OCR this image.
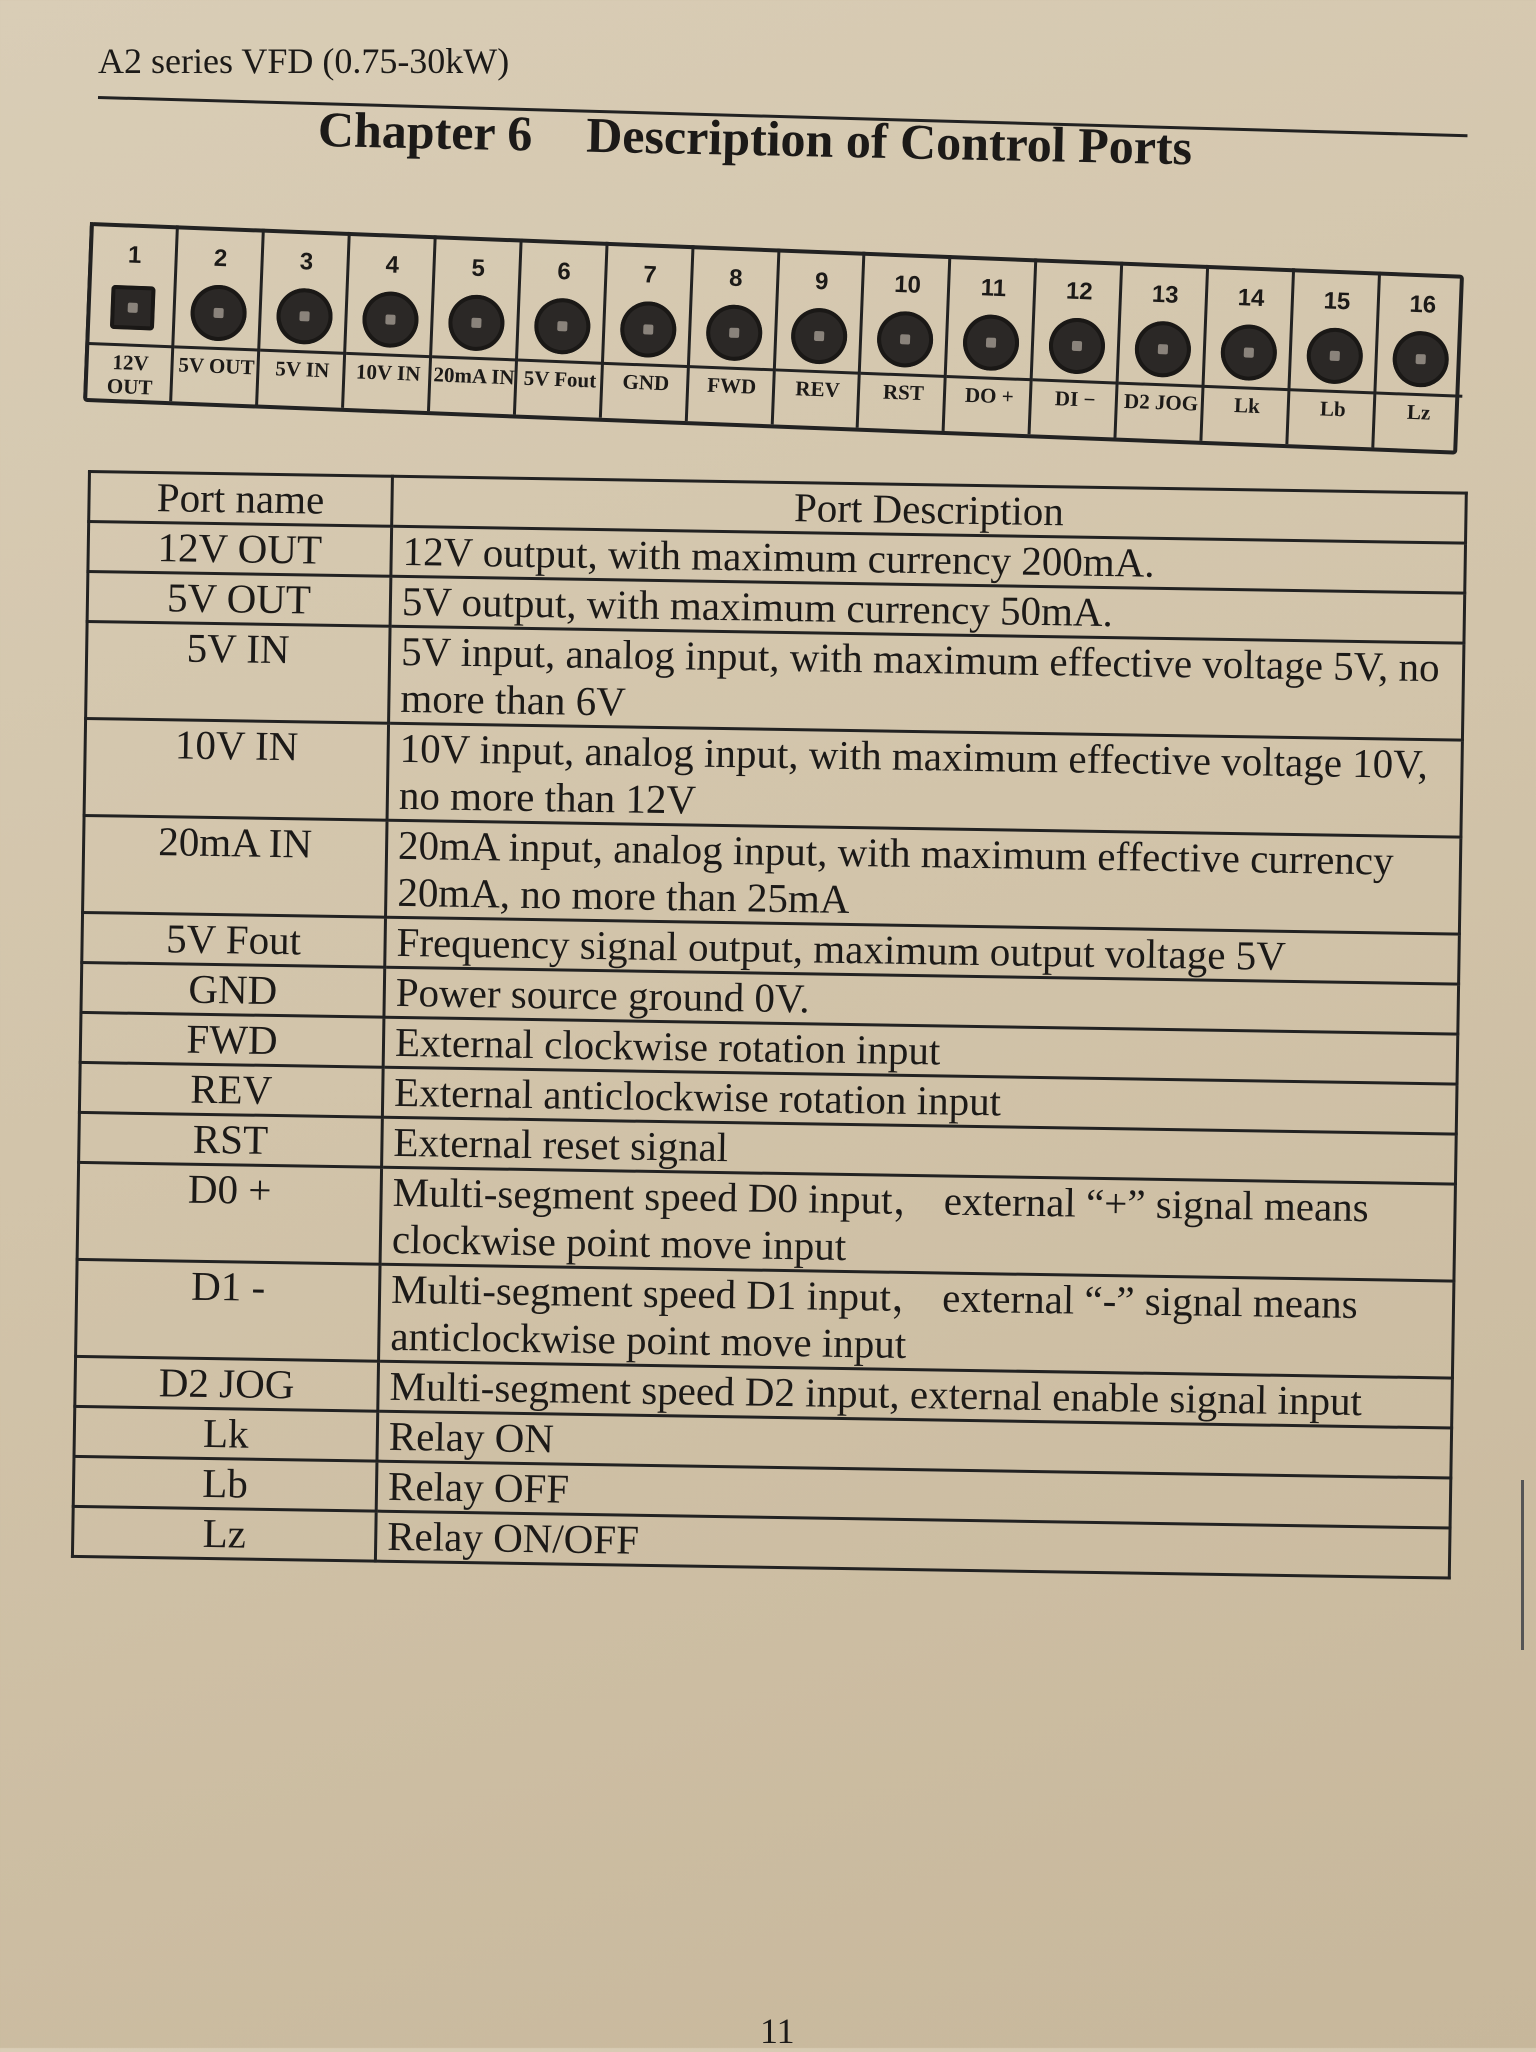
A2 series VFD (0.75-30kW)
Chapter 6 Description of Control Ports
1
12V OUT
2
5V OUT
3
5V IN
4
10V IN
5
20mA IN
6
5V Fout
7
GND
8
FWD
9
REV
10
RST
11
DO +
12
DI −
13
D2 JOG
14
Lk
15
Lb
16
Lz
Port name	Port Description
12V OUT	12V output, with maximum currency 200mA.
5V OUT	5V output, with maximum currency 50mA.
5V IN	5V input, analog input, with maximum effective voltage 5V, no more than 6V
10V IN	10V input, analog input, with maximum effective voltage 10V, no more than 12V
20mA IN	20mA input, analog input, with maximum effective currency 20mA, no more than 25mA
5V Fout	Frequency signal output, maximum output voltage 5V
GND	Power source ground 0V.
FWD	External clockwise rotation input
REV	External anticlockwise rotation input
RST	External reset signal
D0 +	Multi-segment speed D0 input， external “+” signal means clockwise point move input
D1 -	Multi-segment speed D1 input， external “-” signal means anticlockwise point move input
D2 JOG	Multi-segment speed D2 input, external enable signal input
Lk	Relay ON
Lb	Relay OFF
Lz	Relay ON/OFF
11
